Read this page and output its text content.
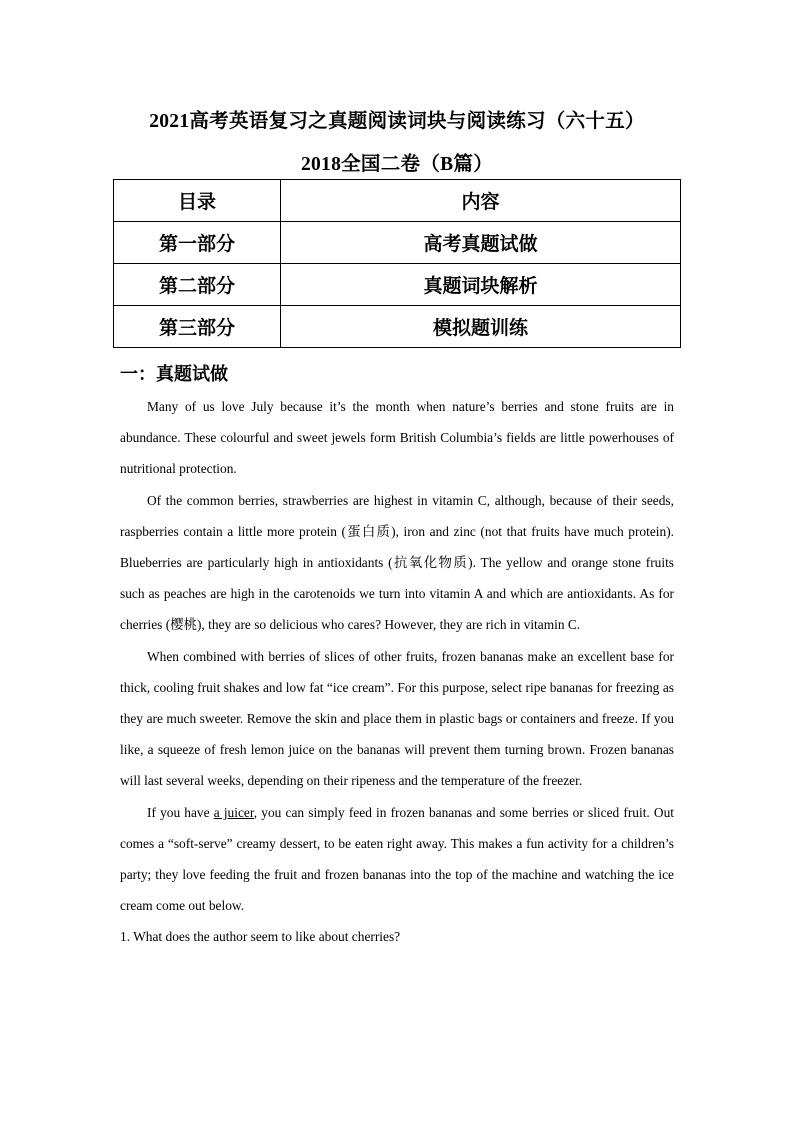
2021高考英语复习之真题阅读词块与阅读练习（六十五）
2018全国二卷（B篇）
目录	内容
第一部分	高考真题试做
第二部分	真题词块解析
第三部分	模拟题训练
一：真题试做

Many of us love July because it’s the month when nature’s berries and stone fruits are in abundance. These colourful and sweet jewels form British Columbia’s fields are little powerhouses of nutritional protection.

Of the common berries, strawberries are highest in vitamin C, although, because of their seeds, raspberries contain a little more protein (蛋白质), iron and zinc (not that fruits have much protein). Blueberries are particularly high in antioxidants (抗氧化物质). The yellow and orange stone fruits such as peaches are high in the carotenoids we turn into vitamin A and which are antioxidants. As for cherries (樱桃), they are so delicious who cares? However, they are rich in vitamin C.

When combined with berries of slices of other fruits, frozen bananas make an excellent base for thick, cooling fruit shakes and low fat “ice cream”. For this purpose, select ripe bananas for freezing as they are much sweeter. Remove the skin and place them in plastic bags or containers and freeze. If you like, a squeeze of fresh lemon juice on the bananas will prevent them turning brown. Frozen bananas will last several weeks, depending on their ripeness and the temperature of the freezer.

If you have a juicer, you can simply feed in frozen bananas and some berries or sliced fruit. Out comes a “soft-serve” creamy dessert, to be eaten right away. This makes a fun activity for a children’s party; they love feeding the fruit and frozen bananas into the top of the machine and watching the ice cream come out below.

1. What does the author seem to like about cherries?
